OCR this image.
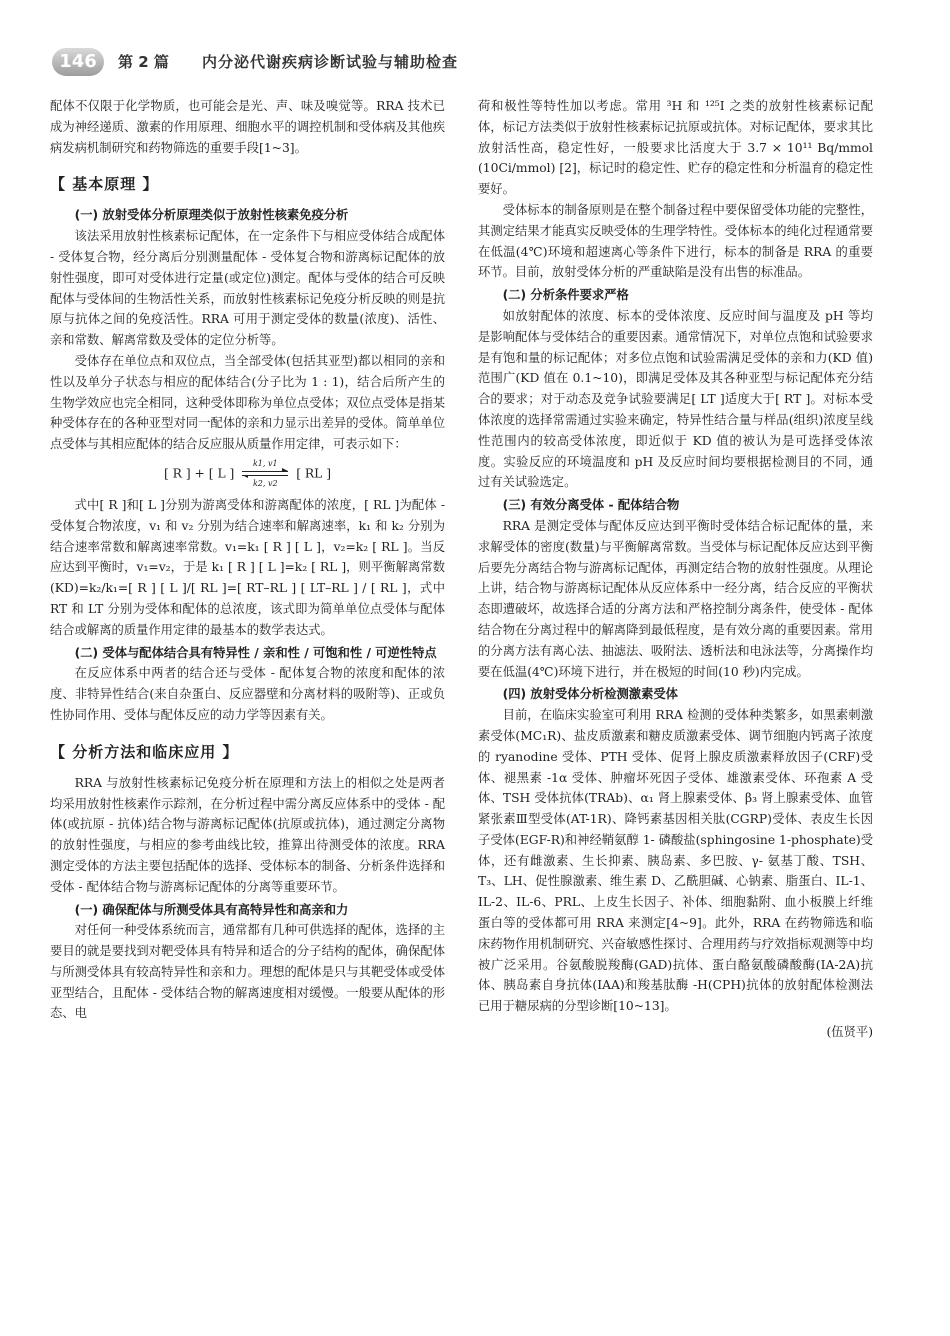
146	第 2 篇 内分泌代谢疾病诊断试验与辅助检查

配体不仅限于化学物质，也可能会是光、声、味及嗅觉等。RRA 技术已成为神经递质、激素的作用原理、细胞水平的调控机制和受体病及其他疾病发病机制研究和药物筛选的重要手段[1~3]。

【 基本原理 】
(一) 放射受体分析原理类似于放射性核素免疫分析

该法采用放射性核素标记配体，在一定条件下与相应受体结合成配体 - 受体复合物，经分离后分别测量配体 - 受体复合物和游离标记配体的放射性强度，即可对受体进行定量(或定位)测定。配体与受体的结合可反映配体与受体间的生物活性关系，而放射性核素标记免疫分析反映的则是抗原与抗体之间的免疫活性。RRA 可用于测定受体的数量(浓度)、活性、亲和常数、解离常数及受体的定位分析等。

受体存在单位点和双位点，当全部受体(包括其亚型)都以相同的亲和性以及单分子状态与相应的配体结合(分子比为 1 : 1)，结合后所产生的生物学效应也完全相同，这种受体即称为单位点受体；双位点受体是指某种受体存在的各种亚型对同一配体的亲和力显示出差异的受体。简单单位点受体与其相应配体的结合反应服从质量作用定律，可表示如下：

[ R ] + [ L ]
k1, v1
k2, v2
[ RL ]

式中[ R ]和[ L ]分别为游离受体和游离配体的浓度，[ RL ]为配体 - 受体复合物浓度，v₁ 和 v₂ 分别为结合速率和解离速率，k₁ 和 k₂ 分别为结合速率常数和解离速率常数。v₁=k₁ [ R ] [ L ]，v₂=k₂ [ RL ]。当反应达到平衡时，v₁=v₂，于是 k₁ [ R ] [ L ]=k₂ [ RL ]，则平衡解离常数(KD)=k₂/k₁=[ R ] [ L ]/[ RL ]=[ RT–RL ] [ LT–RL ] / [ RL ]，式中 RT 和 LT 分别为受体和配体的总浓度，该式即为简单单位点受体与配体结合或解离的质量作用定律的最基本的数学表达式。

(二) 受体与配体结合具有特异性 / 亲和性 / 可饱和性 / 可逆性特点

在反应体系中两者的结合还与受体 - 配体复合物的浓度和配体的浓度、非特异性结合(来自杂蛋白、反应器壁和分离材料的吸附等)、正或负性协同作用、受体与配体反应的动力学等因素有关。

【 分析方法和临床应用 】

RRA 与放射性核素标记免疫分析在原理和方法上的相似之处是两者均采用放射性核素作示踪剂，在分析过程中需分离反应体系中的受体 - 配体(或抗原 - 抗体)结合物与游离标记配体(抗原或抗体)，通过测定分离物的放射性强度，与相应的参考曲线比较，推算出待测受体的浓度。RRA 测定受体的方法主要包括配体的选择、受体标本的制备、分析条件选择和受体 - 配体结合物与游离标记配体的分离等重要环节。

(一) 确保配体与所测受体具有高特异性和高亲和力

对任何一种受体系统而言，通常都有几种可供选择的配体，选择的主要目的就是要找到对靶受体具有特异和适合的分子结构的配体，确保配体与所测受体具有较高特异性和亲和力。理想的配体是只与其靶受体或受体亚型结合，且配体 - 受体结合物的解离速度相对缓慢。一般要从配体的形态、电

荷和极性等特性加以考虑。常用 ³H 和 ¹²⁵I 之类的放射性核素标记配体，标记方法类似于放射性核素标记抗原或抗体。对标记配体，要求其比放射活性高，稳定性好，一般要求比活度大于 3.7 × 10¹¹ Bq/mmol (10Ci/mmol) [2]，标记时的稳定性、贮存的稳定性和分析温育的稳定性要好。

受体标本的制备原则是在整个制备过程中要保留受体功能的完整性，其测定结果才能真实反映受体的生理学特性。受体标本的纯化过程通常要在低温(4℃)环境和超速离心等条件下进行，标本的制备是 RRA 的重要环节。目前，放射受体分析的严重缺陷是没有出售的标准品。

(二) 分析条件要求严格

如放射配体的浓度、标本的受体浓度、反应时间与温度及 pH 等均是影响配体与受体结合的重要因素。通常情况下，对单位点饱和试验要求是有饱和量的标记配体；对多位点饱和试验需满足受体的亲和力(KD 值)范围广(KD 值在 0.1~10)，即满足受体及其各种亚型与标记配体充分结合的要求；对于动态及竞争试验要满足[ LT ]适度大于[ RT ]。对标本受体浓度的选择常需通过实验来确定，特异性结合量与样品(组织)浓度呈线性范围内的较高受体浓度，即近似于 KD 值的被认为是可选择受体浓度。实验反应的环境温度和 pH 及反应时间均要根据检测目的不同，通过有关试验选定。

(三) 有效分离受体 - 配体结合物

RRA 是测定受体与配体反应达到平衡时受体结合标记配体的量，来求解受体的密度(数量)与平衡解离常数。当受体与标记配体反应达到平衡后要先分离结合物与游离标记配体，再测定结合物的放射性强度。从理论上讲，结合物与游离标记配体从反应体系中一经分离，结合反应的平衡状态即遭破坏，故选择合适的分离方法和严格控制分离条件，使受体 - 配体结合物在分离过程中的解离降到最低程度，是有效分离的重要因素。常用的分离方法有离心法、抽滤法、吸附法、透析法和电泳法等，分离操作均要在低温(4℃)环境下进行，并在极短的时间(10 秒)内完成。

(四) 放射受体分析检测激素受体

目前，在临床实验室可利用 RRA 检测的受体种类繁多，如黑素刺激素受体(MC₁R)、盐皮质激素和糖皮质激素受体、调节细胞内钙离子浓度的 ryanodine 受体、PTH 受体、促肾上腺皮质激素释放因子(CRF)受体、褪黑素 -1α 受体、肿瘤坏死因子受体、雄激素受体、环孢素 A 受体、TSH 受体抗体(TRAb)、α₁ 肾上腺素受体、β₃ 肾上腺素受体、血管紧张素Ⅲ型受体(AT-1R)、降钙素基因相关肽(CGRP)受体、表皮生长因子受体(EGF-R)和神经鞘氨醇 1- 磷酸盐(sphingosine 1-phosphate)受体，还有雌激素、生长抑素、胰岛素、多巴胺、γ- 氨基丁酸、TSH、T₃、LH、促性腺激素、维生素 D、乙酰胆碱、心钠素、脂蛋白、IL-1、IL-2、IL-6、PRL、上皮生长因子、补体、细胞黏附、血小板膜上纤维蛋白等的受体都可用 RRA 来测定[4~9]。此外，RRA 在药物筛选和临床药物作用机制研究、兴奋敏感性探讨、合理用药与疗效指标观测等中均被广泛采用。谷氨酸脱羧酶(GAD)抗体、蛋白酪氨酸磷酸酶(IA-2A)抗体、胰岛素自身抗体(IAA)和羧基肽酶 -H(CPH)抗体的放射配体检测法已用于糖尿病的分型诊断[10~13]。

(伍贤平)
